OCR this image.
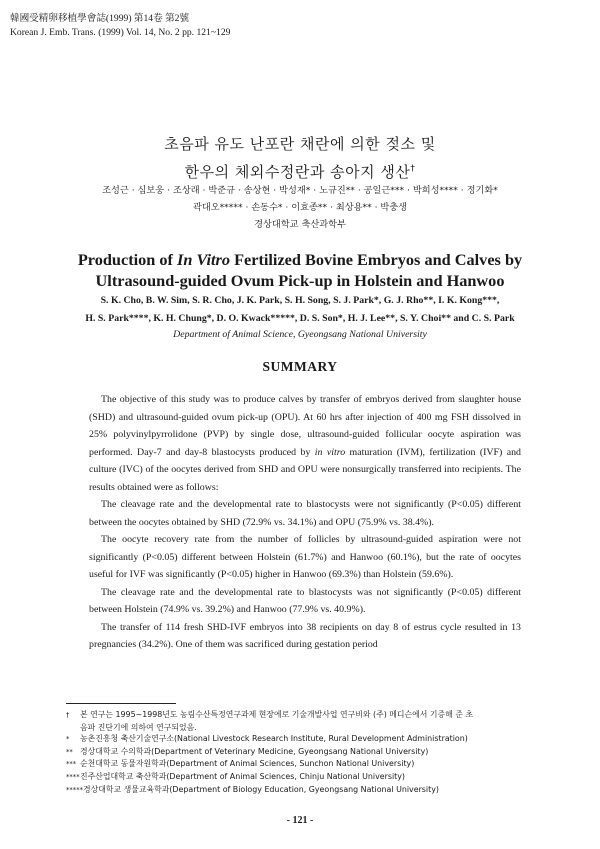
韓國受精卵移植學會誌(1999) 第14卷 第2號
Korean J. Emb. Trans. (1999) Vol. 14, No. 2 pp. 121~129
초음파 유도 난포란 채란에 의한 젖소 및
한우의 체외수정란과 송아지 생산†
조성근 · 심보웅 · 조상래 · 박준규 · 송상현 · 박성재* · 노규진** · 공일근*** · 박희성**** · 정기화*
곽대오***** · 손동수* · 이효종** · 최상용** · 박충생
경상대학교 축산과학부
Production of In Vitro Fertilized Bovine Embryos and Calves by
Ultrasound-guided Ovum Pick-up in Holstein and Hanwoo
S. K. Cho, B. W. Sim, S. R. Cho, J. K. Park, S. H. Song, S. J. Park*, G. J. Rho**, I. K. Kong***,
H. S. Park****, K. H. Chung*, D. O. Kwack*****, D. S. Son*, H. J. Lee**, S. Y. Choi** and C. S. Park
Department of Animal Science, Gyeongsang National University
SUMMARY

The objective of this study was to produce calves by transfer of embryos derived from slaughter house (SHD) and ultrasound-guided ovum pick-up (OPU). At 60 hrs after injection of 400 mg FSH dissolved in 25% polyvinylpyrrolidone (PVP) by single dose, ultrasound-guided follicular oocyte aspiration was performed. Day-7 and day-8 blastocysts produced by in vitro maturation (IVM), fertilization (IVF) and culture (IVC) of the oocytes derived from SHD and OPU were nonsurgically transferred into recipients. The results obtained were as follows:

The cleavage rate and the developmental rate to blastocysts were not significantly (P<0.05) different between the oocytes obtained by SHD (72.9% vs. 34.1%) and OPU (75.9% vs. 38.4%).

The oocyte recovery rate from the number of follicles by ultrasound-guided aspiration were not significantly (P<0.05) different between Holstein (61.7%) and Hanwoo (60.1%), but the rate of oocytes useful for IVF was significantly (P<0.05) higher in Hanwoo (69.3%) than Holstein (59.6%).

The cleavage rate and the developmental rate to blastocysts was not significantly (P<0.05) different between Holstein (74.9% vs. 39.2%) and Hanwoo (77.9% vs. 40.9%).

The transfer of 114 fresh SHD-IVF embryos into 38 recipients on day 8 of estrus cycle resulted in 13 pregnancies (34.2%). One of them was sacrificed during gestation period

† 본 연구는 1995~1998년도 농림수산특정연구과제 현장에로 기술개발사업 연구비와 (주) 메디슨에서 기증해 준 초
음파 진단기에 의하여 연구되었음.
* 농촌진흥청 축산기술연구소(National Livestock Research Institute, Rural Development Administration)
** 경상대학교 수의학과(Department of Veterinary Medicine, Gyeongsang National University)
*** 순천대학교 동물자원학과(Department of Animal Sciences, Sunchon National University)
****진주산업대학교 축산학과(Department of Animal Sciences, Chinju National University)
*****경상대학교 생물교육학과(Department of Biology Education, Gyeongsang National University)
- 121 -
